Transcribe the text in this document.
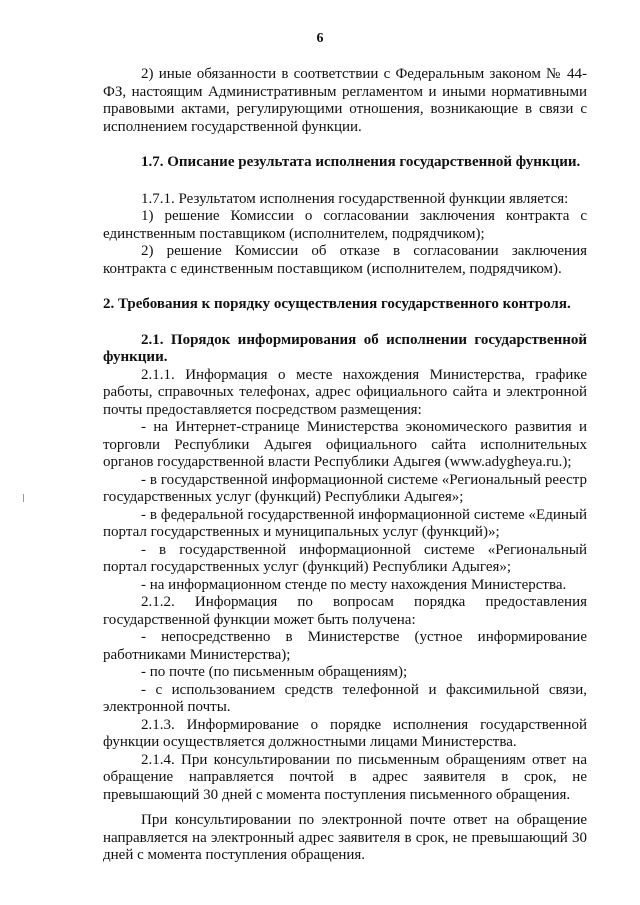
6

2) иные обязанности в соответствии с Федеральным законом № 44-ФЗ, настоящим Административным регламентом и иными нормативными правовыми актами, регулирующими отношения, возникающие в связи с исполнением государственной функции.

1.7. Описание результата исполнения государственной функции.

1.7.1. Результатом исполнения государственной функции является:

1) решение Комиссии о согласовании заключения контракта с единственным поставщиком (исполнителем, подрядчиком);

2) решение Комиссии об отказе в согласовании заключения контракта с единственным поставщиком (исполнителем, подрядчиком).

2. Требования к порядку осуществления государственного контроля.

2.1. Порядок информирования об исполнении государственной функции.

2.1.1. Информация о месте нахождения Министерства, графике работы, справочных телефонах, адрес официального сайта и электронной почты предоставляется посредством размещения:

- на Интернет-странице Министерства экономического развития и торговли Республики Адыгея официального сайта исполнительных органов государственной власти Республики Адыгея (www.adygheya.ru.);

- в государственной информационной системе «Региональный реестр государственных услуг (функций) Республики Адыгея»;

- в федеральной государственной информационной системе «Единый портал государственных и муниципальных услуг (функций)»;

- в государственной информационной системе «Региональный портал государственных услуг (функций) Республики Адыгея»;

- на информационном стенде по месту нахождения Министерства.

2.1.2. Информация по вопросам порядка предоставления государственной функции может быть получена:

- непосредственно в Министерстве (устное информирование работниками Министерства);

- по почте (по письменным обращениям);

- с использованием средств телефонной и факсимильной связи, электронной почты.

2.1.3. Информирование о порядке исполнения государственной функции осуществляется должностными лицами Министерства.

2.1.4. При консультировании по письменным обращениям ответ на обращение направляется почтой в адрес заявителя в срок, не превышающий 30 дней с момента поступления письменного обращения.

При консультировании по электронной почте ответ на обращение направляется на электронный адрес заявителя в срок, не превышающий 30 дней с момента поступления обращения.
